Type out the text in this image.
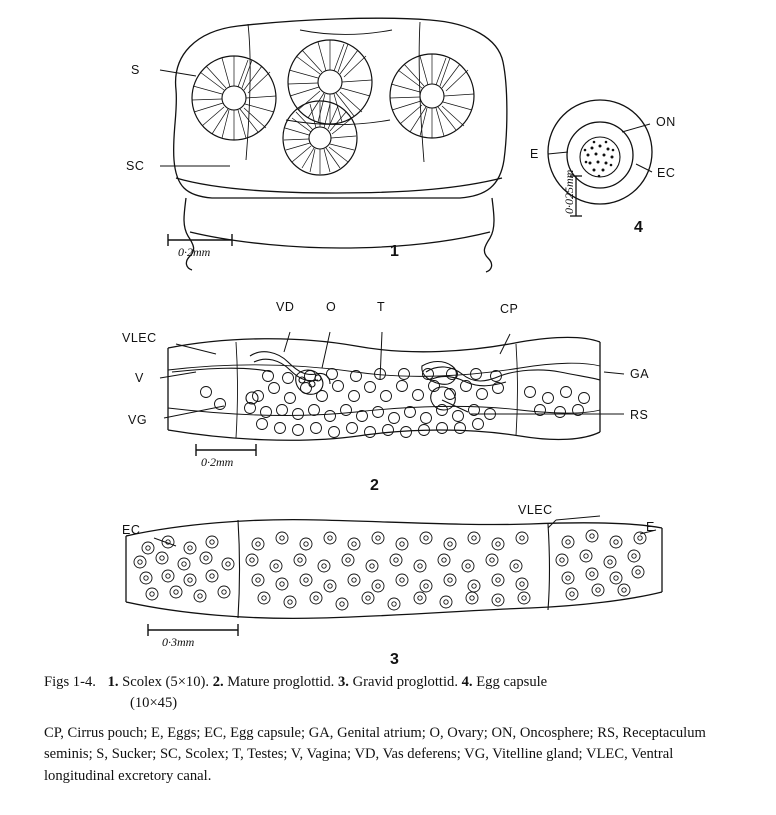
S
SC
0·2mm	1
ON
E
EC
0·025mm
4
VLEC
V
VG
VD	O	T	CP
GA
RS
0·2mm
2
EC
VLEC
E
0·3mm
3
Figs 1-4. 1. Scolex (5×10). 2. Mature proglottid. 3. Gravid proglottid. 4. Egg capsule
(10×45)
CP, Cirrus pouch; E, Eggs; EC, Egg capsule; GA, Genital atrium; O, Ovary; ON, Oncosphere; RS, Receptaculum seminis; S, Sucker; SC, Scolex; T, Testes; V, Vagina; VD, Vas deferens; VG, Vitelline gland; VLEC, Ventral longitudinal excretory canal.
